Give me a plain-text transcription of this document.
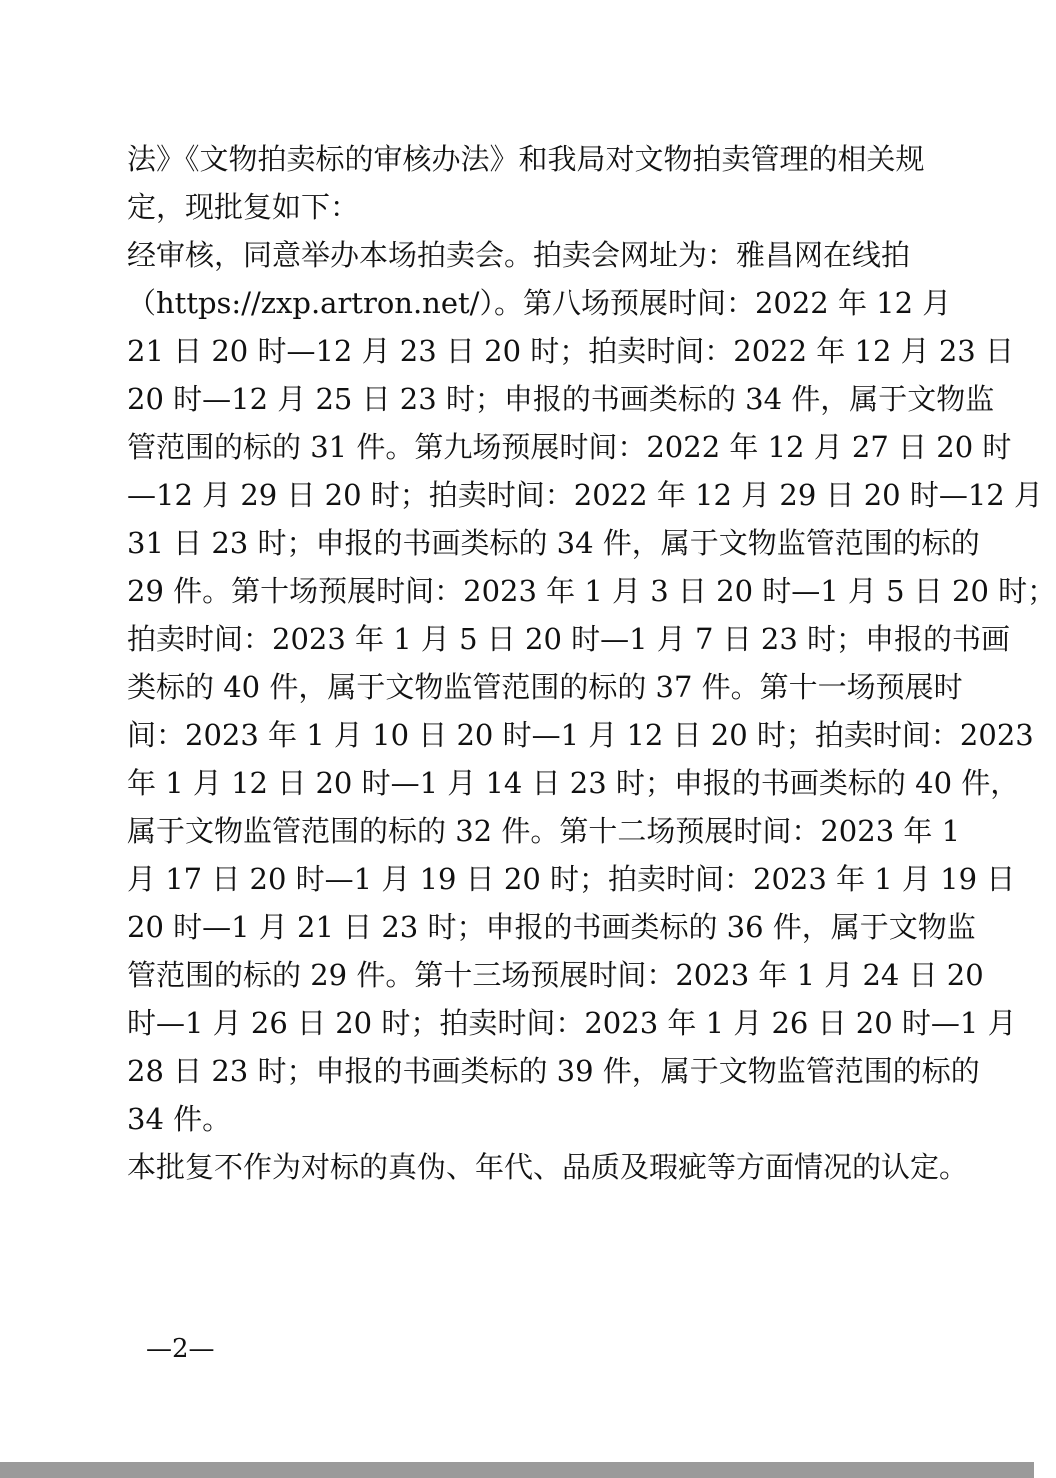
法》《文物拍卖标的审核办法》和我局对文物拍卖管理的相关规
定，现批复如下：
经审核，同意举办本场拍卖会。拍卖会网址为：雅昌网在线拍
（https://zxp.artron.net/）。第八场预展时间：2022 年 12 月
21 日 20 时—12 月 23 日 20 时；拍卖时间：2022 年 12 月 23 日
20 时—12 月 25 日 23 时；申报的书画类标的 34 件，属于文物监
管范围的标的 31 件。第九场预展时间：2022 年 12 月 27 日 20 时
—12 月 29 日 20 时；拍卖时间：2022 年 12 月 29 日 20 时—12 月
31 日 23 时；申报的书画类标的 34 件，属于文物监管范围的标的
29 件。第十场预展时间：2023 年 1 月 3 日 20 时—1 月 5 日 20 时；
拍卖时间：2023 年 1 月 5 日 20 时—1 月 7 日 23 时；申报的书画
类标的 40 件，属于文物监管范围的标的 37 件。第十一场预展时
间：2023 年 1 月 10 日 20 时—1 月 12 日 20 时；拍卖时间：2023
年 1 月 12 日 20 时—1 月 14 日 23 时；申报的书画类标的 40 件，
属于文物监管范围的标的 32 件。第十二场预展时间：2023 年 1
月 17 日 20 时—1 月 19 日 20 时；拍卖时间：2023 年 1 月 19 日
20 时—1 月 21 日 23 时；申报的书画类标的 36 件，属于文物监
管范围的标的 29 件。第十三场预展时间：2023 年 1 月 24 日 20
时—1 月 26 日 20 时；拍卖时间：2023 年 1 月 26 日 20 时—1 月
28 日 23 时；申报的书画类标的 39 件，属于文物监管范围的标的
34 件。
本批复不作为对标的真伪、年代、品质及瑕疵等方面情况的认定。
—2—
